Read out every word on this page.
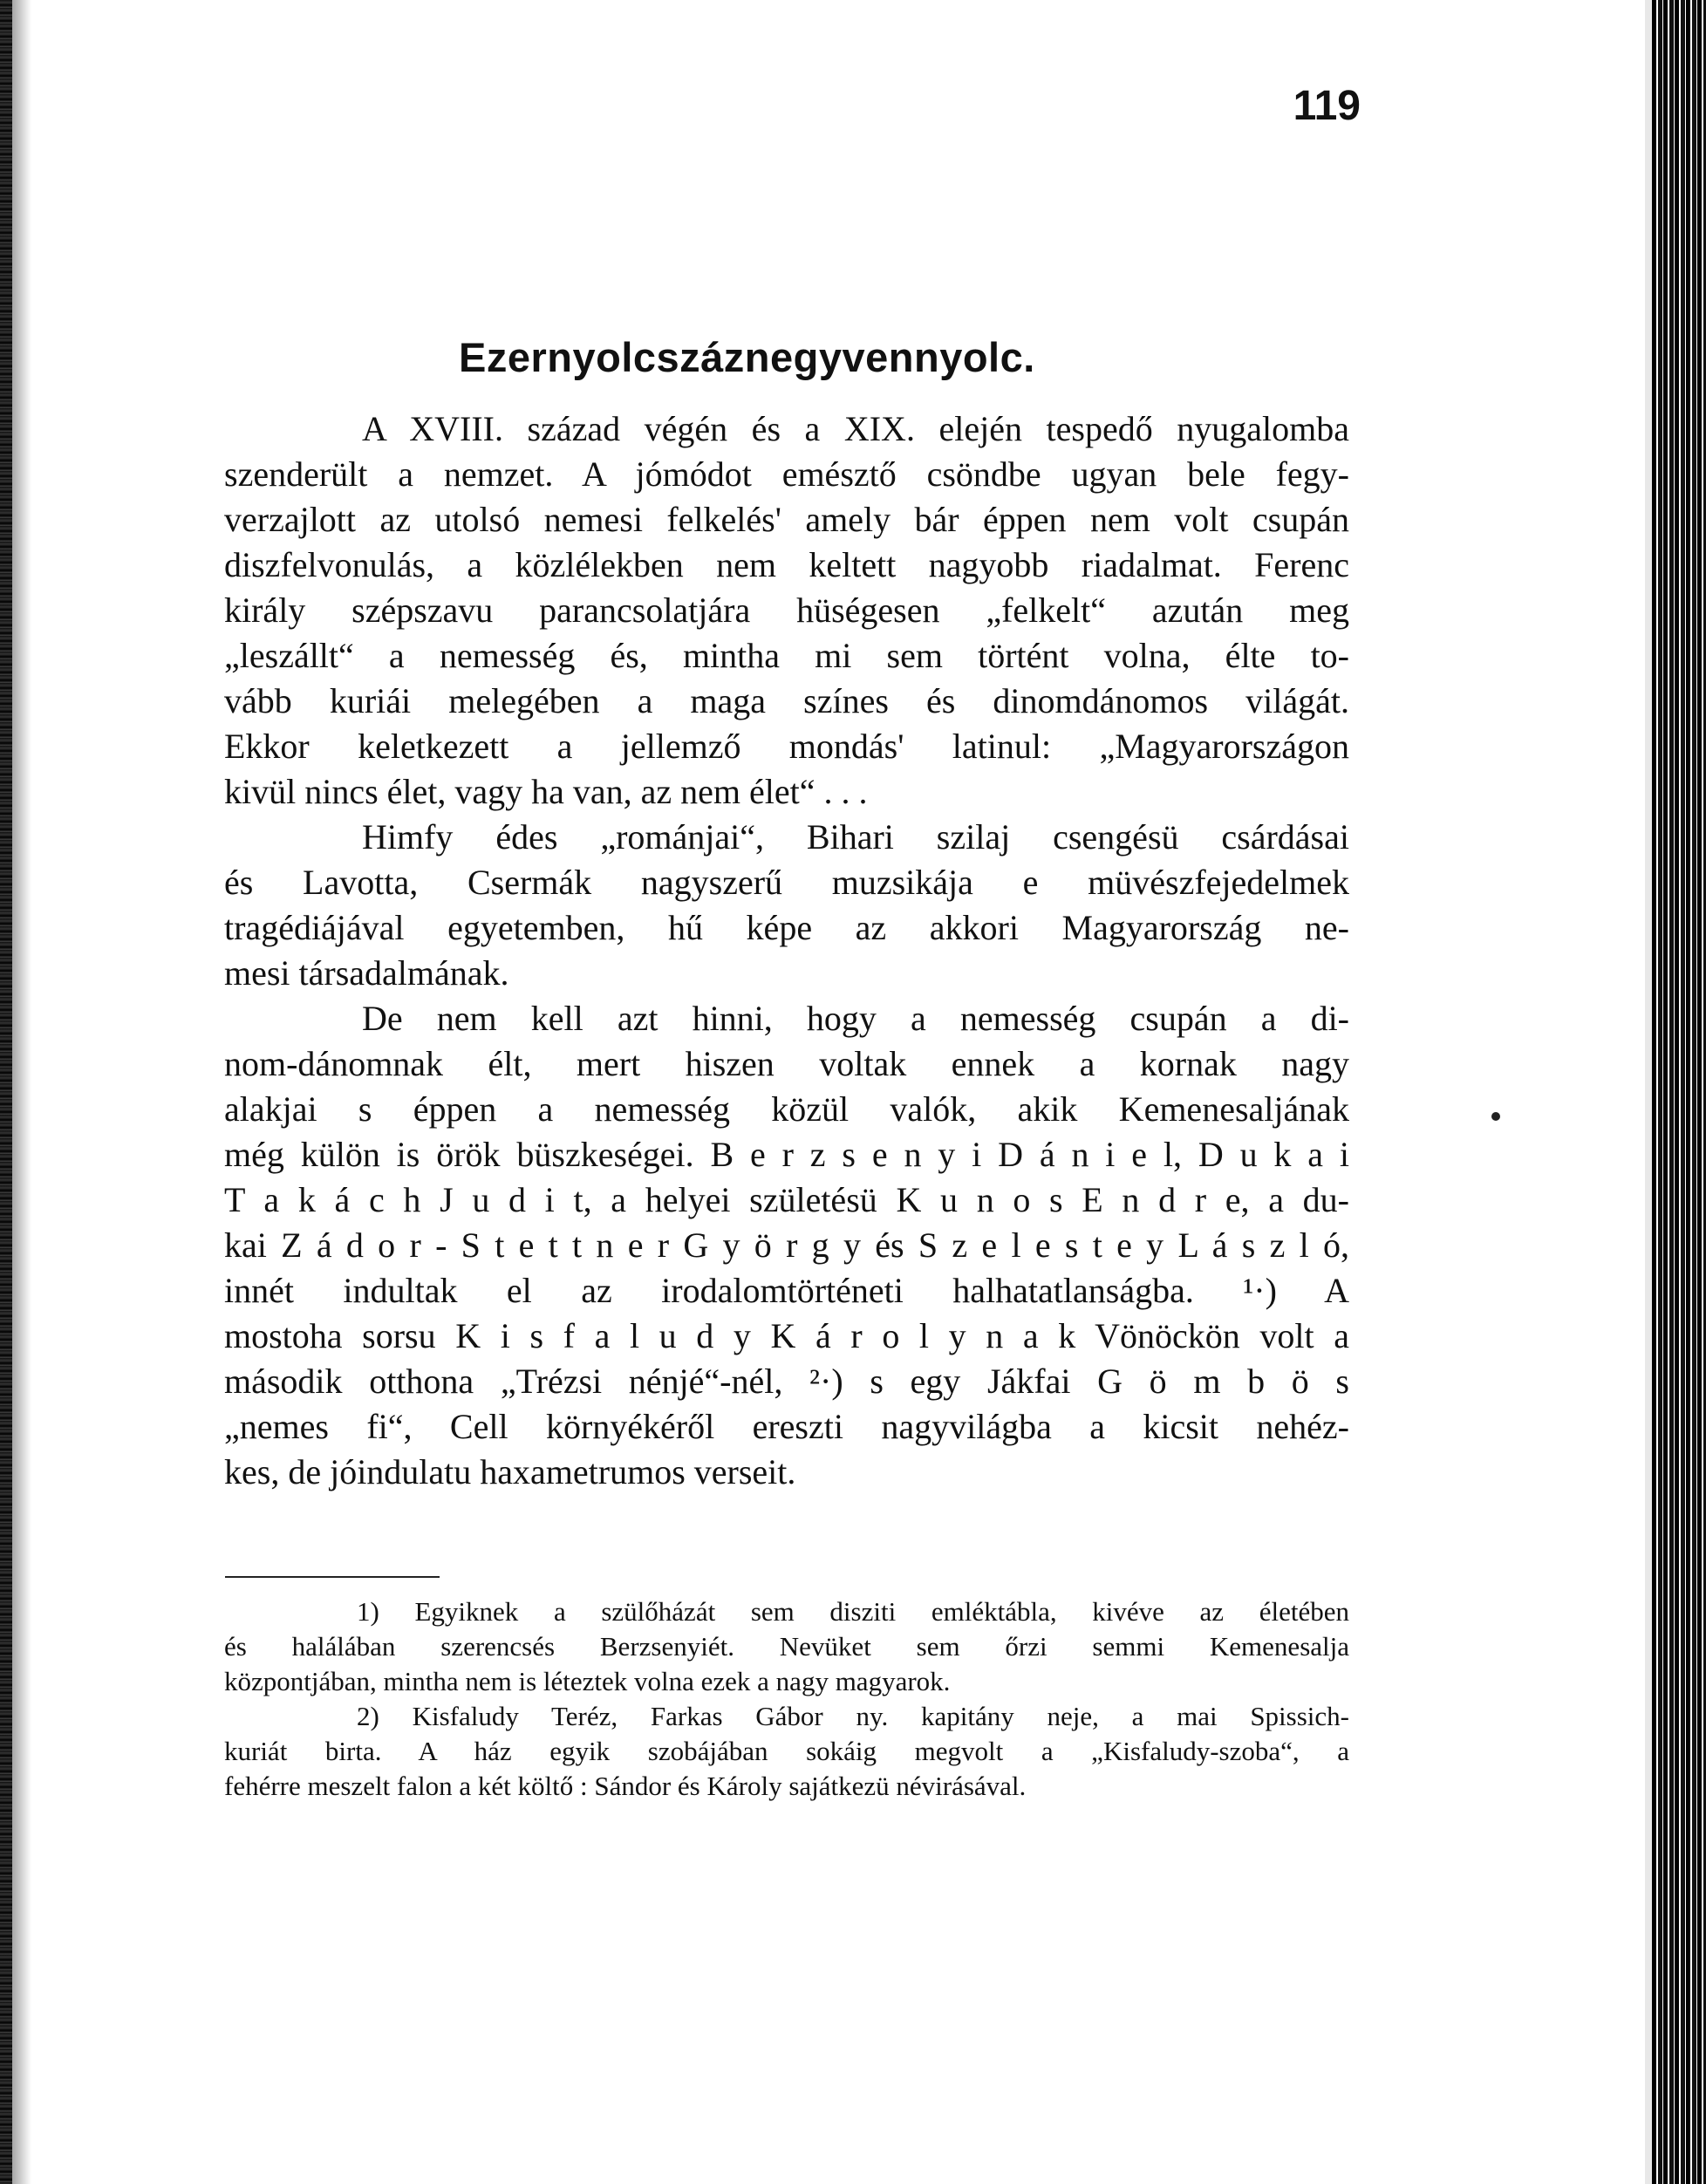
119
Ezernyolcszáznegyvennyolc.
A XVIII. század végén és a XIX. elején tespedő nyugalomba
szenderült a nemzet. A jómódot emésztő csöndbe ugyan bele fegy-
verzajlott az utolsó nemesi felkelés' amely bár éppen nem volt csupán
diszfelvonulás, a közlélekben nem keltett nagyobb riadalmat. Ferenc
király szépszavu parancsolatjára hüségesen „felkelt“ azután meg
„leszállt“ a nemesség és, mintha mi sem történt volna, élte to-
vább kuriái melegében a maga színes és dinomdánomos világát.
Ekkor keletkezett a jellemző mondás' latinul: „Magyarországon
kivül nincs élet, vagy ha van, az nem élet“ . . .
Himfy édes „románjai“, Bihari szilaj csengésü csárdásai
és Lavotta, Csermák nagyszerű muzsikája e müvészfejedelmek
tragédiájával egyetemben, hű képe az akkori Magyarország ne-
mesi társadalmának.
De nem kell azt hinni, hogy a nemesség csupán a di-
nom-dánomnak élt, mert hiszen voltak ennek a kornak nagy
alakjai s éppen a nemesség közül valók, akik Kemenesaljának
még külön is örök büszkeségei. B e r z s e n y i D á n i e l, D u k a i
T a k á c h J u d i t, a helyei születésü K u n o s E n d r e, a du-
kai Z á d o r - S t e t t n e r G y ö r g y és S z e l e s t e y L á s z l ó,
innét indultak el az irodalomtörténeti halhatatlanságba. ¹·) A
mostoha sorsu K i s f a l u d y K á r o l y n a k Vönöckön volt a
második otthona „Trézsi nénjé“-nél, ²·) s egy Jákfai G ö m b ö s
„nemes fi“, Cell környékéről ereszti nagyvilágba a kicsit nehéz-
kes, de jóindulatu haxametrumos verseit.
1) Egyiknek a szülőházát sem disziti emléktábla, kivéve az életében
és halálában szerencsés Berzsenyiét. Nevüket sem őrzi semmi Kemenesalja
központjában, mintha nem is léteztek volna ezek a nagy magyarok.
2) Kisfaludy Teréz, Farkas Gábor ny. kapitány neje, a mai Spissich-
kuriát birta. A ház egyik szobájában sokáig megvolt a „Kisfaludy-szoba“, a
fehérre meszelt falon a két költő : Sándor és Károly sajátkezü névirásával.
